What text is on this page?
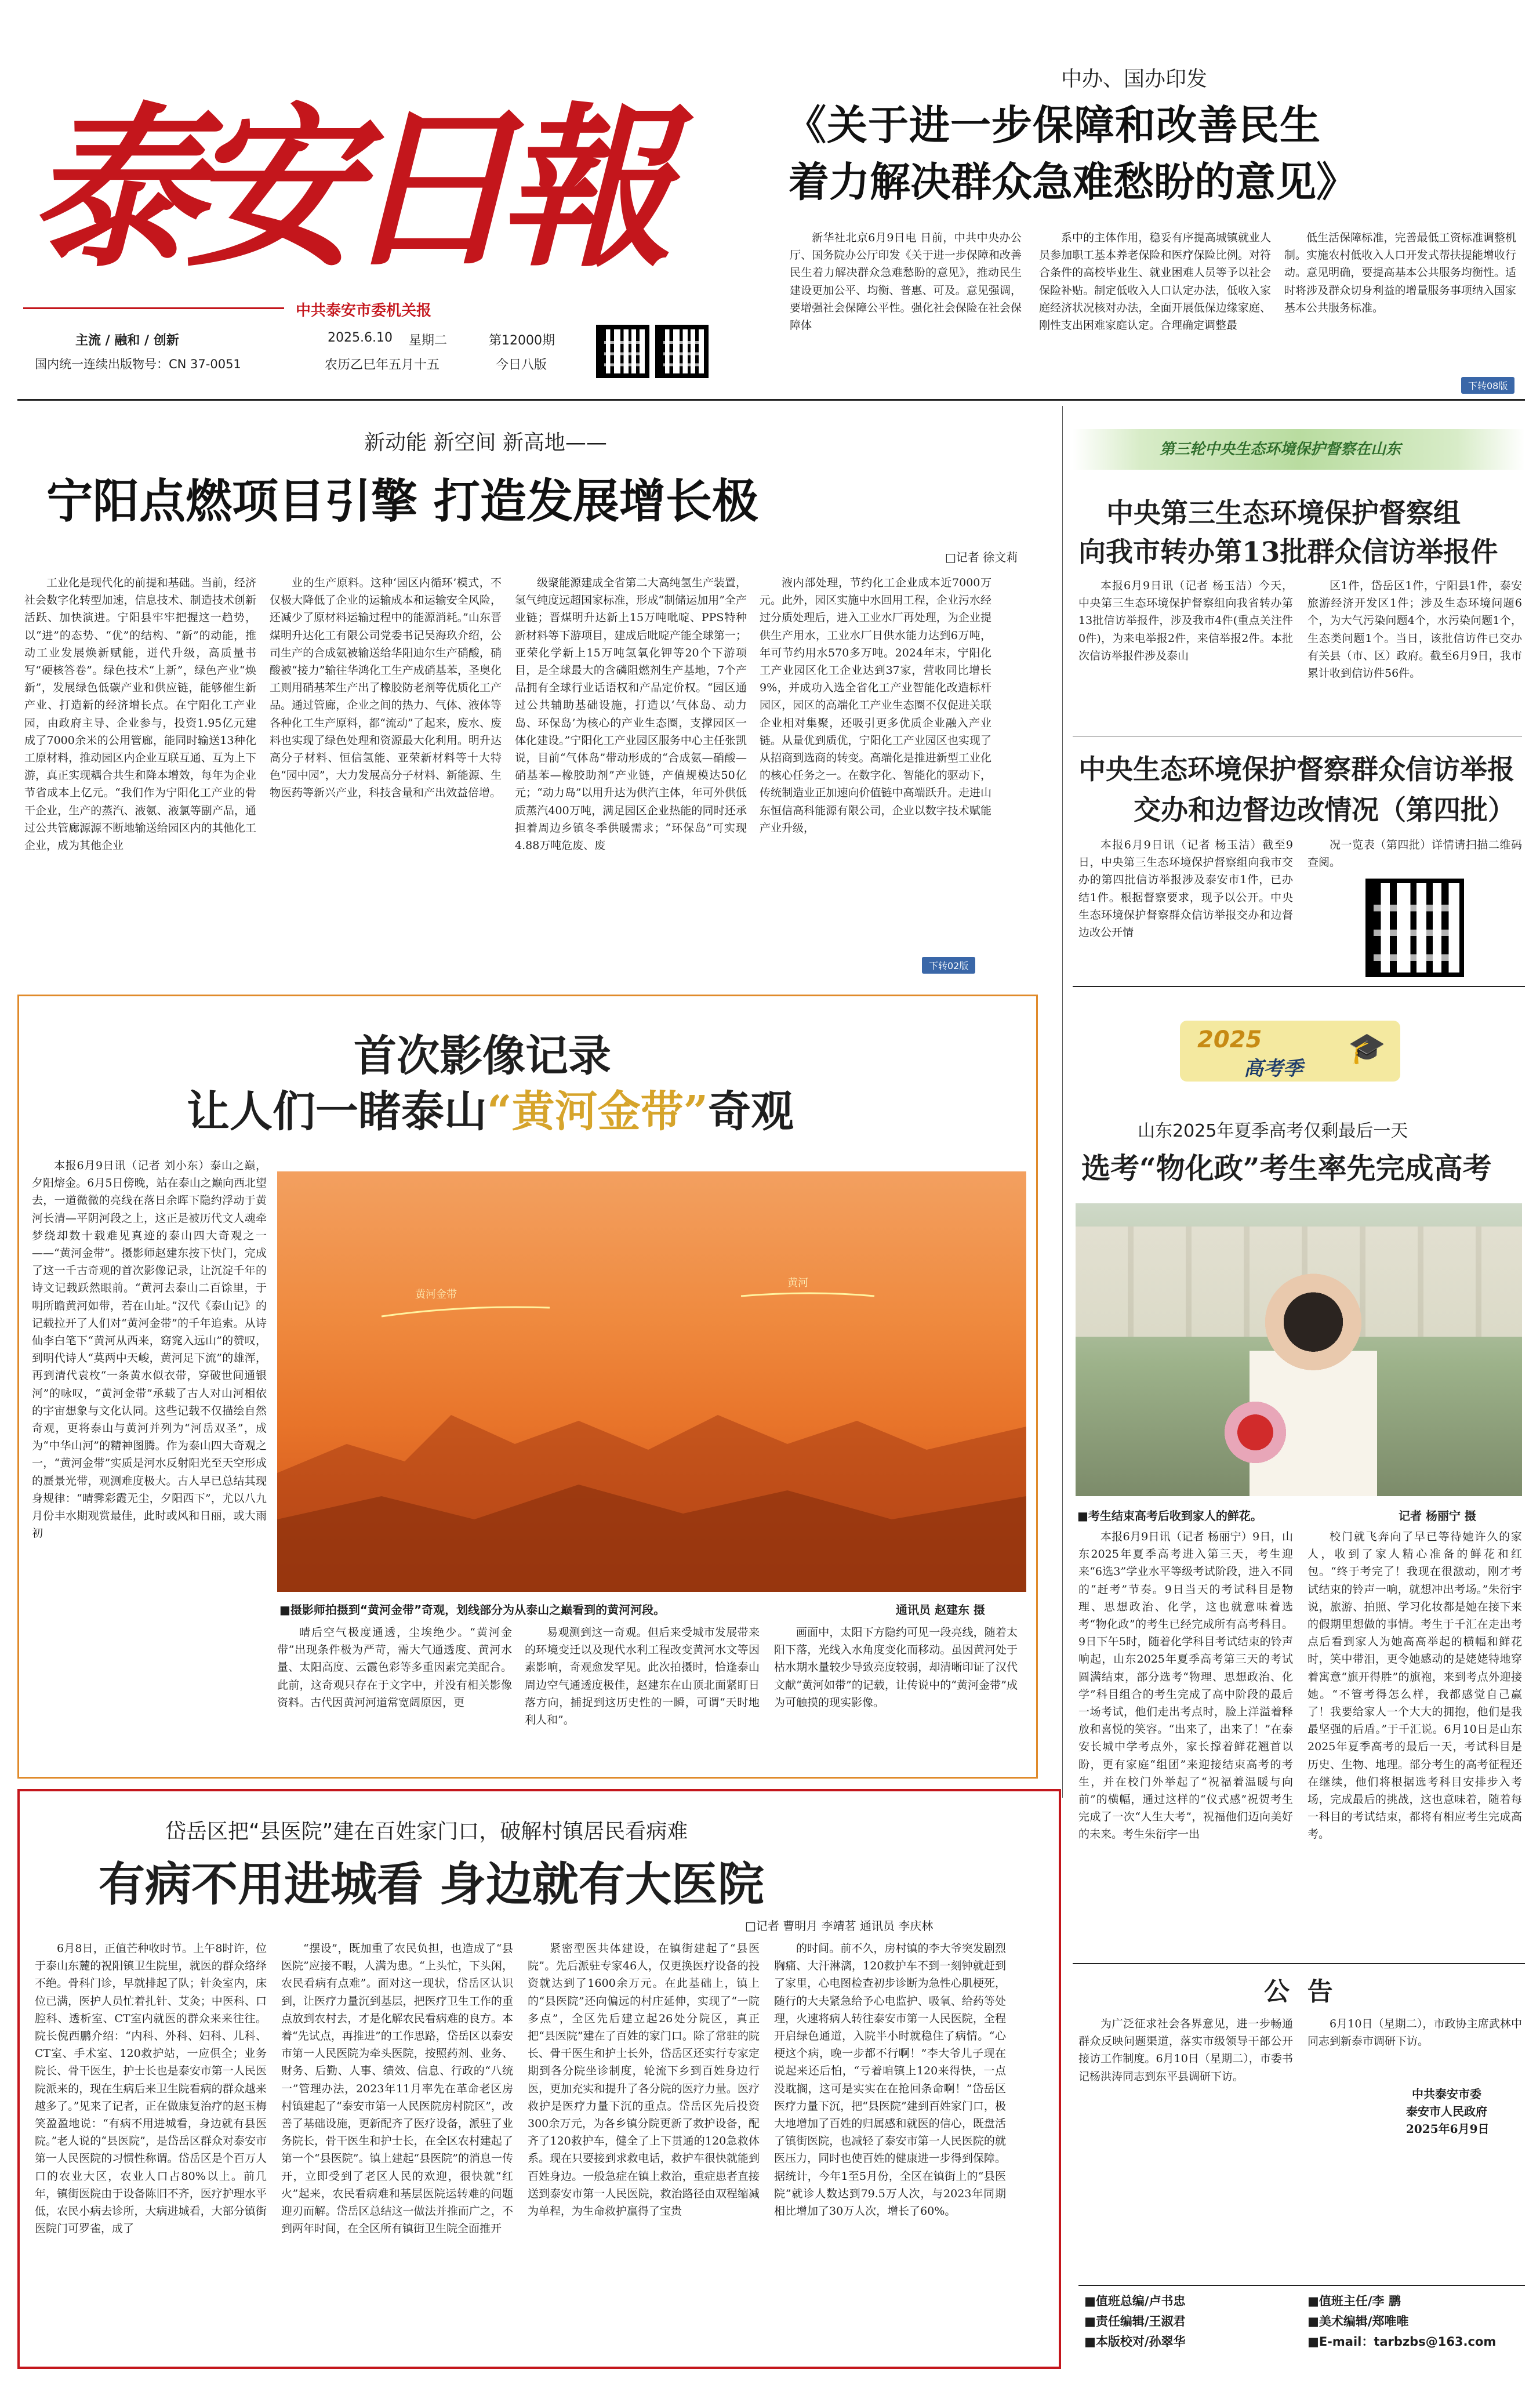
泰安日報
中共泰安市委机关报
主流 / 融和 / 创新
国内统一连续出版物号：CN 37-0051
2025.6.10 星期二
农历乙巳年五月十五
第12000期
今日八版
中办、国办印发
《关于进一步保障和改善民生
着力解决群众急难愁盼的意见》

新华社北京6月9日电 日前，中共中央办公厅、国务院办公厅印发《关于进一步保障和改善民生着力解决群众急难愁盼的意见》，推动民生建设更加公平、均衡、普惠、可及。意见强调，要增强社会保障公平性。强化社会保险在社会保障体

系中的主体作用，稳妥有序提高城镇就业人员参加职工基本养老保险和医疗保险比例。对符合条件的高校毕业生、就业困难人员等予以社会保险补贴。制定低收入人口认定办法，低收入家庭经济状况核对办法，全面开展低保边缘家庭、刚性支出困难家庭认定。合理确定调整最

低生活保障标准，完善最低工资标准调整机制。实施农村低收入人口开发式帮扶提能增收行动。意见明确，要提高基本公共服务均衡性。适时将涉及群众切身利益的增量服务事项纳入国家基本公共服务标准。

下转08版
新动能 新空间 新高地——
宁阳点燃项目引擎 打造发展增长极
□记者 徐文莉

工业化是现代化的前提和基础。当前，经济社会数字化转型加速，信息技术、制造技术创新活跃、加快演进。宁阳县牢牢把握这一趋势，以“进”的态势、“优”的结构、“新”的动能，推动工业发展焕新赋能，迸代升级，高质量书写“硬核答卷”。绿色技术“上新”，绿色产业“焕新”，发展绿色低碳产业和供应链，能够催生新产业、打造新的经济增长点。在宁阳化工产业园，由政府主导、企业参与，投资1.95亿元建成了7000余米的公用管廊，能同时输送13种化工原材料，推动园区内企业互联互通、互为上下游，真正实现耦合共生和降本增效，每年为企业节省成本上亿元。“我们作为宁阳化工产业的骨干企业，生产的蒸汽、液氨、液氯等副产品，通过公共管廊源源不断地输送给园区内的其他化工企业，成为其他企业

业的生产原料。这种‘园区内循环’模式，不仅极大降低了企业的运输成本和运输安全风险，还减少了原材料运输过程中的能源消耗。”山东晋煤明升达化工有限公司党委书记吴海玖介绍，公司生产的合成氨被输送给华阳迪尔生产硝酸，硝酸被“接力”输往华鸿化工生产成硝基苯，圣奥化工则用硝基苯生产出了橡胶防老剂等优质化工产品。通过管廊，企业之间的热力、气体、液体等各种化工生产原料，都“流动”了起来，废水、废料也实现了绿色处理和资源最大化利用。明升达高分子材料、恒信氢能、亚荣新材料等十大特色“园中园”，大力发展高分子材料、新能源、生物医药等新兴产业，科技含量和产出效益倍增。

级聚能源建成全省第二大高纯氢生产装置，氢气纯度远超国家标准，形成“制储运加用”全产业链；晋煤明升达新上15万吨吡啶、PPS特种新材料等下游项目，建成后吡啶产能全球第一；亚荣化学新上15万吨氢氧化钾等20个下游项目，是全球最大的含磷阻燃剂生产基地，7个产品拥有全球行业话语权和产品定价权。“园区通过公共辅助基础设施，打造以‘气体岛、动力岛、环保岛’为核心的产业生态圈，支撑园区一体化建设。”宁阳化工产业园区服务中心主任张凯说，目前“气体岛”带动形成的“合成氨—硝酸—硝基苯—橡胶助剂”产业链，产值规模达50亿元；“动力岛”以用升达为供汽主体，年可外供低质蒸汽400万吨，满足园区企业热能的同时还承担着周边乡镇冬季供暖需求；“环保岛”可实现4.88万吨危废、废

液内部处理，节约化工企业成本近7000万元。此外，园区实施中水回用工程，企业污水经过分质处理后，进入工业水厂再处理，为企业提供生产用水，工业水厂日供水能力达到6万吨，年可节约用水570多万吨。2024年末，宁阳化工产业园区化工企业达到37家，营收同比增长9%，并成功入选全省化工产业智能化改造标杆园区，园区的高端化工产业生态圈不仅促进关联企业相对集聚，还吸引更多优质企业融入产业链。从量优到质优，宁阳化工产业园区也实现了从招商到选商的转变。高端化是推进新型工业化的核心任务之一。在数字化、智能化的驱动下，传统制造业正加速向价值链中高端跃升。走进山东恒信高科能源有限公司，企业以数字技术赋能产业升级，

下转02版
第三轮中央生态环境保护督察在山东
中央第三生态环境保护督察组
向我市转办第13批群众信访举报件

本报6月9日讯（记者 杨玉洁）今天，中央第三生态环境保护督察组向我省转办第13批信访举报件，涉及我市4件(重点关注件0件)，为来电举报2件，来信举报2件。本批次信访举报件涉及泰山

区1件，岱岳区1件，宁阳县1件，泰安旅游经济开发区1件；涉及生态环境问题6个，为大气污染问题4个，水污染问题1个，生态类问题1个。当日，该批信访件已交办有关县（市、区）政府。截至6月9日，我市累计收到信访件56件。

中央生态环境保护督察群众信访举报
交办和边督边改情况（第四批）

本报6月9日讯（记者 杨玉洁）截至9日，中央第三生态环境保护督察组向我市交办的第四批信访举报涉及泰安市1件，已办结1件。根据督察要求，现予以公开。中央生态环境保护督察群众信访举报交办和边督边改公开情

况一览表（第四批）详情请扫描二维码查阅。

首次影像记录
让人们一睹泰山“黄河金带”奇观

本报6月9日讯（记者 刘小东）泰山之巅，夕阳熔金。6月5日傍晚，站在泰山之巅向西北望去，一道微微的亮线在落日余晖下隐约浮动于黄河长清—平阴河段之上，这正是被历代文人魂牵梦绕却数十载难见真迹的泰山四大奇观之一——“黄河金带”。摄影师赵建东按下快门，完成了这一千古奇观的首次影像记录，让沉淀千年的诗文记载跃然眼前。“黄河去泰山二百馀里，于明所瞻黄河如带，若在山址。”汉代《泰山记》的记载拉开了人们对“黄河金带”的千年追索。从诗仙李白笔下“黄河从西来，窈窕入远山”的赞叹，到明代诗人“莫两中天峻，黄河足下流”的雄浑，再到清代袁枚“一条黄水似衣带，穿破世间通银河”的咏叹，“黄河金带”承载了古人对山河相依的宇宙想象与文化认同。这些记载不仅描绘自然奇观，更将泰山与黄河并列为“河岳双圣”，成为“中华山河”的精神图腾。作为泰山四大奇观之一，“黄河金带”实质是河水反射阳光至天空形成的蜃景光带，观测难度极大。古人早已总结其现身规律：“晴霁彩霞无尘，夕阳西下”，尤以八九月份丰水期观赏最佳，此时或风和日丽，或大雨初

黄河金带
黄河
■摄影师拍摄到“黄河金带”奇观，划线部分为从泰山之巅看到的黄河河段。	通讯员 赵建东 摄

晴后空气极度通透，尘埃绝少。“黄河金带”出现条件极为严苛，需大气通透度、黄河水量、太阳高度、云霞色彩等多重因素完美配合。此前，这奇观只存在于文字中，并没有相关影像资料。古代因黄河河道常宽阔原因，更

易观测到这一奇观。但后来受城市发展带来的环境变迁以及现代水利工程改变黄河水文等因素影响，奇观愈发罕见。此次拍摄时，恰逢泰山周边空气通透度极佳，赵建东在山顶北面紧盯日落方向，捕捉到这历史性的一瞬，可谓“天时地利人和”。

画面中，太阳下方隐约可见一段亮线，随着太阳下落，光线入水角度变化而移动。虽因黄河处于枯水期水量较少导致亮度较弱，却清晰印证了汉代文献“黄河如带”的记载，让传说中的“黄河金带”成为可触摸的现实影像。

2025
高考季
🎓
山东2025年夏季高考仅剩最后一天
选考“物化政”考生率先完成高考
■考生结束高考后收到家人的鲜花。	记者 杨丽宁 摄

本报6月9日讯（记者 杨丽宁）9日，山东2025年夏季高考进入第三天，考生迎来“6选3”学业水平等级考试阶段，进入不同的“赶考”节奏。9日当天的考试科目是物理、思想政治、化学，这也就意味着选考“物化政”的考生已经完成所有高考科目。9日下午5时，随着化学科目考试结束的铃声响起，山东2025年夏季高考第三天的考试圆满结束，部分选考“物理、思想政治、化学”科目组合的考生完成了高中阶段的最后一场考试，他们走出考点时，脸上洋溢着释放和喜悦的笑容。“出来了，出来了！”在泰安长城中学考点外，家长撑着鲜花翘首以盼，更有家庭“组团”来迎接结束高考的考生，并在校门外举起了“祝福着温暖与向前”的横幅，通过这样的“仪式感”祝贺考生完成了一次“人生大考”，祝福他们迈向美好的未来。考生朱衍宇一出

校门就飞奔向了早已等待她许久的家人，收到了家人精心准备的鲜花和红包。“终于考完了！我现在很激动，刚才考试结束的铃声一响，就想冲出考场。”朱衍宇说，旅游、拍照、学习化妆都是她在接下来的假期里想做的事情。考生于千汇在走出考点后看到家人为她高高举起的横幅和鲜花时，笑中带泪，更令她感动的是姥姥特地穿着寓意“旗开得胜”的旗袍，来到考点外迎接她。“不管考得怎么样，我都感觉自己赢了！我要给家人一个大大的拥抱，他们是我最坚强的后盾。”于千汇说。6月10日是山东2025年夏季高考的最后一天，考试科目是历史、生物、地理。部分考生的高考征程还在继续，他们将根据选考科目安排步入考场，完成最后的挑战，这也意味着，随着每一科目的考试结束，都将有相应考生完成高考。

岱岳区把“县医院”建在百姓家门口，破解村镇居民看病难
有病不用进城看 身边就有大医院
□记者 曹明月 李靖茗 通讯员 李庆林

6月8日，正值芒种收时节。上午8时许，位于泰山东麓的祝阳镇卫生院里，就医的群众络绎不绝。骨科门诊，早就排起了队；针灸室内，床位已满，医护人员忙着扎针、艾灸；中医科、口腔科、透析室、CT室内就医的群众来来往往。院长倪西鹏介绍：“内科、外科、妇科、儿科、CT室、手术室、120救护站，一应俱全；业务院长、骨干医生，护士长也是泰安市第一人民医院派来的，现在生病后来卫生院看病的群众越来越多了。”见来了记者，正在做康复治疗的赵玉梅笑盈盈地说：“有病不用进城看，身边就有县医院。”老人说的“县医院”，是岱岳区群众对泰安市第一人民医院的习惯性称谓。岱岳区是个百万人口的农业大区，农业人口占80%以上。前几年，镇街医院由于设备陈旧不齐，医疗护理水平低，农民小病去诊所，大病进城看，大部分镇街医院门可罗雀，成了

“摆设”，既加重了农民负担，也造成了“县医院”应接不暇，人满为患。“上头忙，下头闲，农民看病有点难”。面对这一现状，岱岳区认识到，让医疗力量沉到基层，把医疗卫生工作的重点放到农村去，才是化解农民看病难的良方。本着“先试点，再推进”的工作思路，岱岳区以泰安市第一人民医院为牵头医院，按照药剂、业务、财务、后勤、人事、绩效、信息、行政的“八统一”管理办法，2023年11月率先在革命老区房村镇建起了“泰安市第一人民医院房村院区”，改善了基础设施，更新配齐了医疗设备，派驻了业务院长，骨干医生和护士长，在全区农村建起了第一个“县医院”。镇上建起“县医院”的消息一传开，立即受到了老区人民的欢迎，很快就“红火”起来，农民看病难和基层医院运转难的问题迎刃而解。岱岳区总结这一做法并推而广之，不到两年时间，在全区所有镇街卫生院全面推开

紧密型医共体建设，在镇街建起了“县医院”。先后派驻专家46人，仅更换医疗设备的投资就达到了1600余万元。在此基础上，镇上的“县医院”还向偏远的村庄延伸，实现了“一院多点”，全区先后建立起26处分院区，真正把“县医院”建在了百姓的家门口。除了常驻的院长、骨干医生和护士长外，岱岳区还实行专家定期到各分院坐诊制度，轮流下乡到百姓身边行医，更加充实和提升了各分院的医疗力量。医疗救护是医疗力量下沉的重点。岱岳区先后投资300余万元，为各乡镇分院更新了救护设备，配齐了120救护车，健全了上下贯通的120急救体系。现在只要接到求救电话，救护车很快就能到百姓身边。一般急症在镇上救治，重症患者直接送到泰安市第一人民医院，救治路径由双程缩减为单程，为生命救护赢得了宝贵

的时间。前不久，房村镇的李大爷突发剧烈胸痛、大汗淋漓，120救护车不到一刻钟就赶到了家里，心电图检查初步诊断为急性心肌梗死，随行的大夫紧急给予心电监护、吸氧、给药等处理，火速将病人转往泰安市第一人民医院，全程开启绿色通道，入院半小时就稳住了病情。“心梗这个病，晚一步都不行啊！”李大爷儿子现在说起来还后怕，“亏着咱镇上120来得快，一点没耽搁，这可是实实在在抢回条命啊！”岱岳区医疗力量下沉，把“县医院”建到百姓家门口，极大地增加了百姓的归属感和就医的信心，既盘活了镇街医院，也减轻了泰安市第一人民医院的就医压力，同时也使百姓的健康进一步得到保障。据统计，今年1至5月份，全区在镇街上的“县医院”就诊人数达到79.5万人次，与2023年同期相比增加了30万人次，增长了60%。

公  告

为广泛征求社会各界意见，进一步畅通群众反映问题渠道，落实市级领导干部公开接访工作制度。6月10日（星期二），市委书记杨洪涛同志到东平县调研下访。

6月10日（星期二），市政协主席武林中同志到新泰市调研下访。

中共泰安市委
泰安市人民政府
2025年6月9日
■值班总编/卢书忠
■责任编辑/王淑君
■本版校对/孙翠华
■值班主任/李 鹏
■美术编辑/郑唯唯
■E-mail：tarbzbs@163.com
